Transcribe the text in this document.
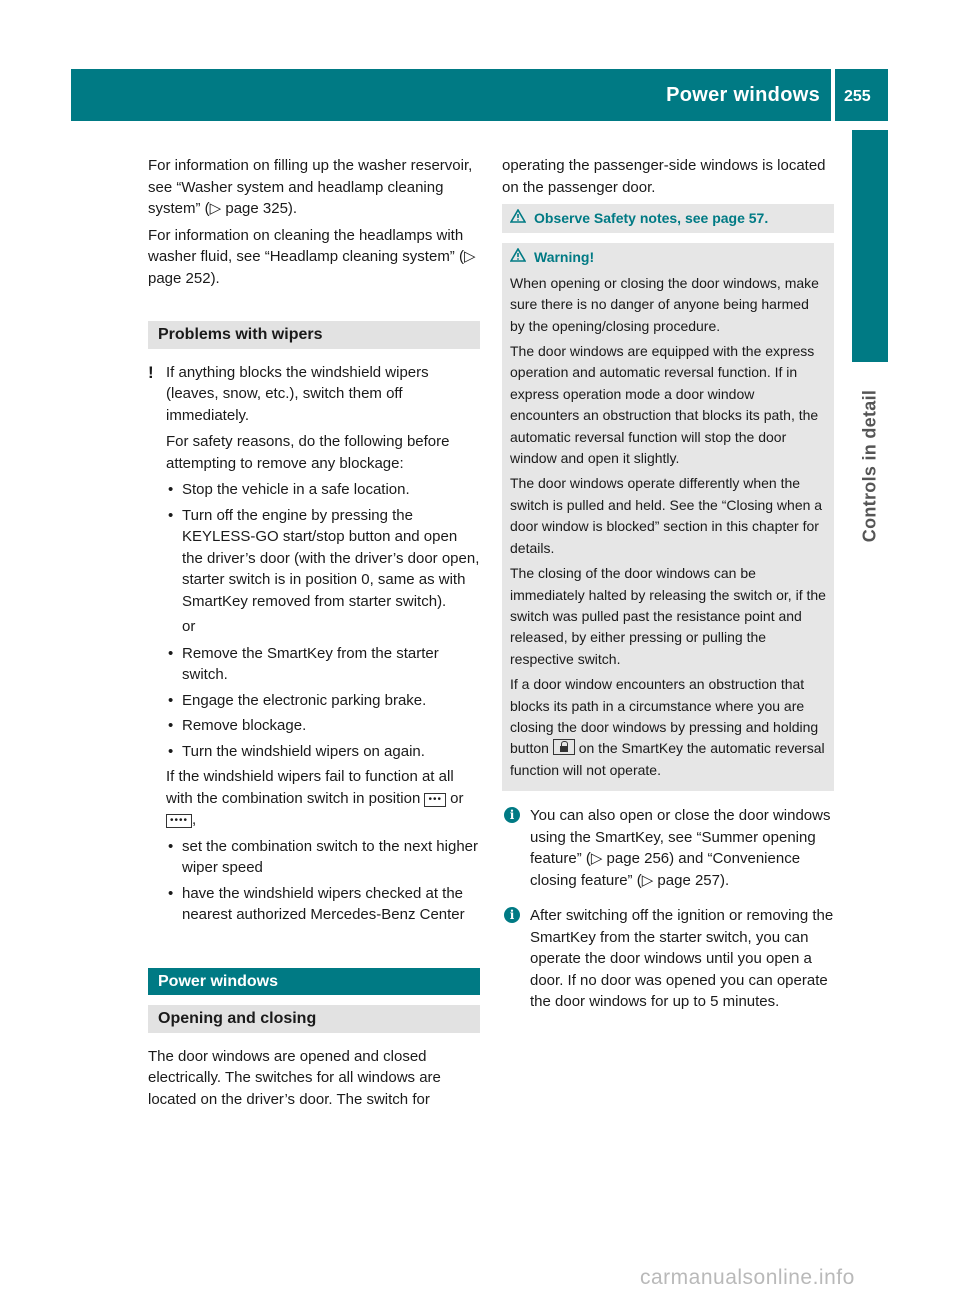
Power windows 255
Controls in detail

For information on filling up the washer reservoir, see “Washer system and headlamp cleaning system” (▷ page 325).

For information on cleaning the headlamps with washer fluid, see “Headlamp cleaning system” (▷ page 252).

Problems with wipers
! If anything blocks the windshield wipers (leaves, snow, etc.), switch them off immediately.

For safety reasons, do the following before attempting to remove any blockage:

• Stop the vehicle in a safe location.
• Turn off the engine by pressing the KEYLESS-GO start/stop button and open the driver’s door (with the driver’s door open, starter switch is in position 0, same as with SmartKey removed from starter switch).

or

• Remove the SmartKey from the starter switch.
• Engage the electronic parking brake.
• Remove blockage.
• Turn the windshield wipers on again.

If the windshield wipers fail to function at all with the combination switch in position ••• or •••• ,

• set the combination switch to the next higher wiper speed
• have the windshield wipers checked at the nearest authorized Mercedes-Benz Center
Power windows
Opening and closing

The door windows are opened and closed electrically. The switches for all windows are located on the driver’s door. The switch for

operating the passenger-side windows is located on the passenger door.

Observe Safety notes, see page 57.
Warning!

When opening or closing the door windows, make sure there is no danger of anyone being harmed by the opening/closing procedure.

The door windows are equipped with the express operation and automatic reversal function. If in express operation mode a door window encounters an obstruction that blocks its path, the automatic reversal function will stop the door window and open it slightly.

The door windows operate differently when the switch is pulled and held. See the “Closing when a door window is blocked” section in this chapter for details.

The closing of the door windows can be immediately halted by releasing the switch or, if the switch was pulled past the resistance point and released, by either pressing or pulling the respective switch.

If a door window encounters an obstruction that blocks its path in a circumstance where you are closing the door windows by pressing and holding button on the SmartKey the automatic reversal function will not operate.

i	You can also open or close the door windows using the SmartKey, see “Summer opening feature” (▷ page 256) and “Convenience closing feature” (▷ page 257).
i	After switching off the ignition or removing the SmartKey from the starter switch, you can operate the door windows until you open a door. If no door was opened you can operate the door windows for up to 5 minutes.
carmanualsonline.info
